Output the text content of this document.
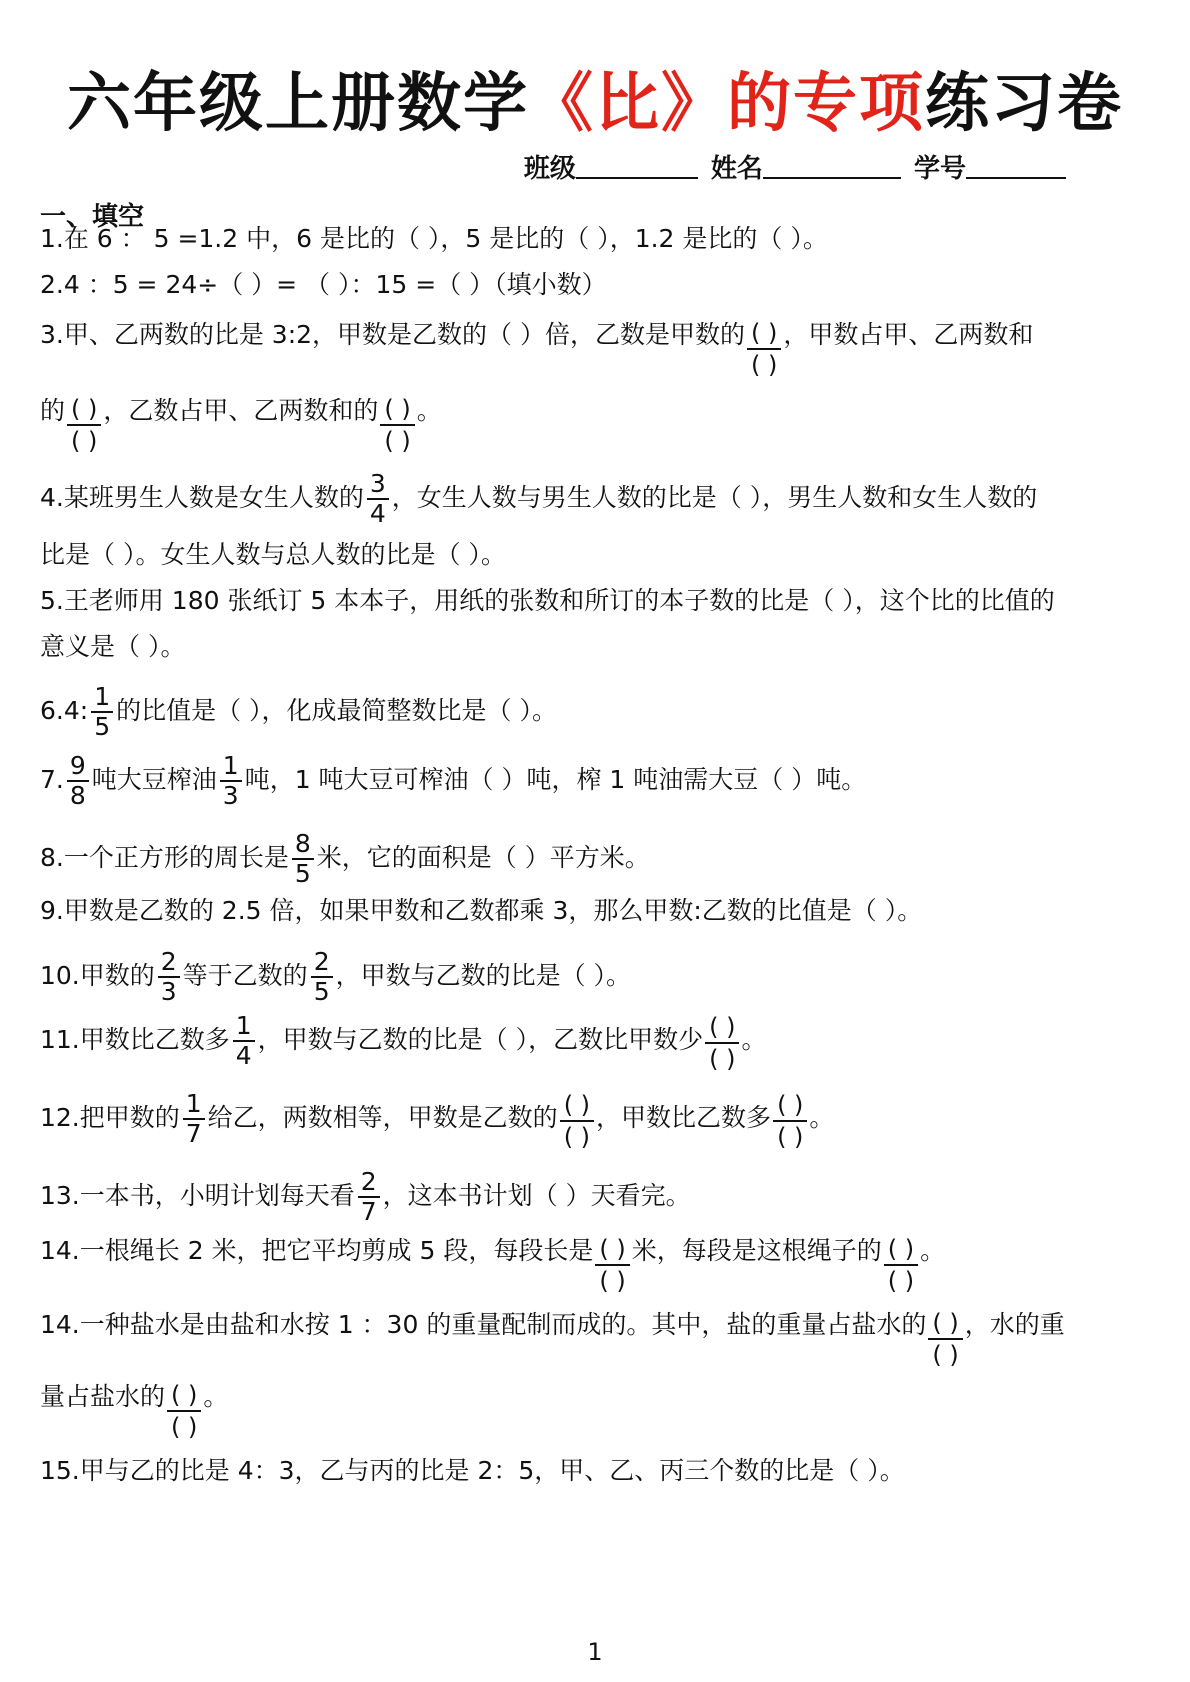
六年级上册数学《比》的专项练习卷
班级	姓名	学号
一、填空
1.在 6 ： 5 =1.2 中，6 是比的（ ），5 是比的（ ），1.2 是比的（ ）。
2.4 ：5 = 24÷（ ）= （ ）：15 =（ ）（填小数）
3.甲、乙两数的比是 3:2，甲数是乙数的（ ）倍，乙数是甲数的 $\frac{( )}{( )}$ ，甲数占甲、乙两数和
的 $\frac{( )}{( )}$ ，乙数占甲、乙两数和的 $\frac{( )}{( )}$ 。
4.某班男生人数是女生人数的 $\frac{3}{4}$ ，女生人数与男生人数的比是（ ），男生人数和女生人数的
比是（ ）。女生人数与总人数的比是（ ）。
5.王老师用 180 张纸订 5 本本子，用纸的张数和所订的本子数的比是（ ），这个比的比值的
意义是（ ）。
6.4: $\frac{1}{5}$ 的比值是（ ），化成最简整数比是（ ）。
7. $\frac{9}{8}$ 吨大豆榨油 $\frac{1}{3}$ 吨，1 吨大豆可榨油（ ）吨，榨 1 吨油需大豆（ ）吨。
8.一个正方形的周长是 $\frac{8}{5}$ 米，它的面积是（ ）平方米。
9.甲数是乙数的 2.5 倍，如果甲数和乙数都乘 3，那么甲数:乙数的比值是（ ）。
10.甲数的 $\frac{2}{3}$ 等于乙数的 $\frac{2}{5}$ ，甲数与乙数的比是（ ）。
11.甲数比乙数多 $\frac{1}{4}$ ，甲数与乙数的比是（ ），乙数比甲数少 $\frac{( )}{( )}$ 。
12.把甲数的 $\frac{1}{7}$ 给乙，两数相等，甲数是乙数的 $\frac{( )}{( )}$ ，甲数比乙数多 $\frac{( )}{( )}$ 。
13.一本书，小明计划每天看 $\frac{2}{7}$ ，这本书计划（ ）天看完。
14.一根绳长 2 米，把它平均剪成 5 段，每段长是 $\frac{( )}{( )}$ 米，每段是这根绳子的 $\frac{( )}{( )}$ 。
14.一种盐水是由盐和水按 1 ：30 的重量配制而成的。其中，盐的重量占盐水的 $\frac{( )}{( )}$ ，水的重
量占盐水的 $\frac{( )}{( )}$ 。
15.甲与乙的比是 4：3，乙与丙的比是 2：5，甲、乙、丙三个数的比是（ ）。
1
